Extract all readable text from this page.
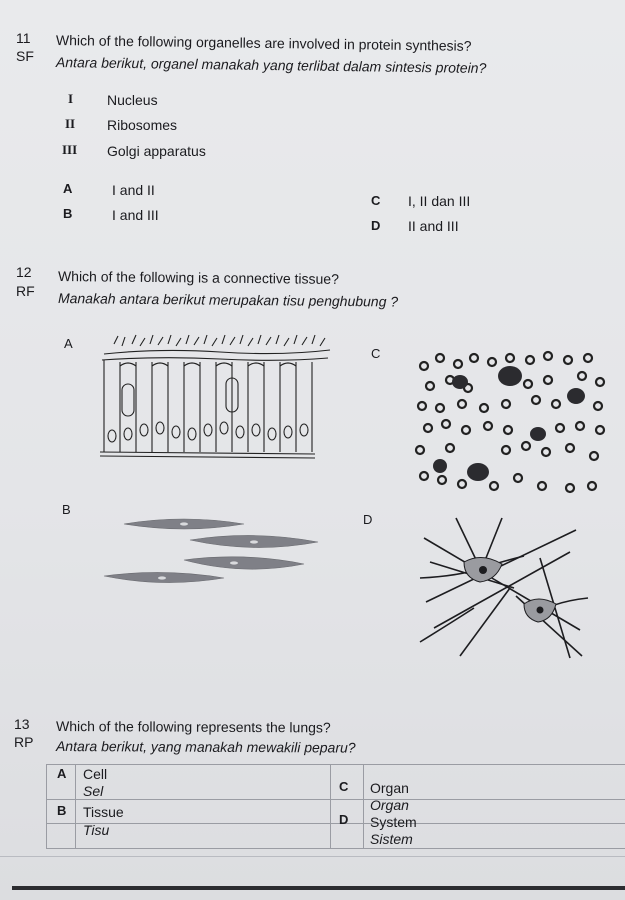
11
SF
Which of the following organelles are involved in protein synthesis?
Antara berikut, organel manakah yang terlibat dalam sintesis protein?
I Nucleus
II Ribosomes
III Golgi apparatus
A	I and II
B	I and III
C I, II dan III
D II and III
12
RF
Which of the following is a connective tissue?
Manakah antara berikut merupakan tisu penghubung ?
A
C
B
D
13
RP
Which of the following represents the lungs?
Antara berikut, yang manakah mewakili peparu?
A Cell
Sel
B Tissue
Tisu
C Organ
Organ
D System
Sistem
